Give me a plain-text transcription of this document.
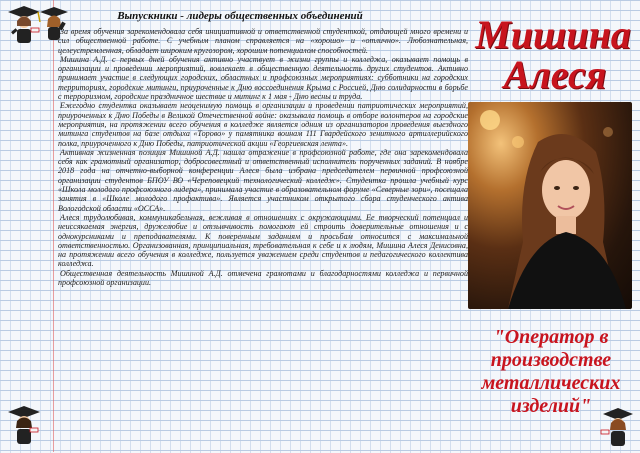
Выпускники - лидеры общественных объединений

За время обучения зарекомендовала себя инициативной и ответственной студенткой, отдающей много времени и сил общественной работе. С учебным планом справляется на «хорошо» и «отлично». Любознательная, целеустремленная, обладает широким кругозором, хорошим потенциалом способностей.

Мишина А.Д. с первых дней обучения активно участвует в жизни группы и колледжа, оказывает помощь в организации и проведении мероприятий, вовлекает в общественную деятельность других студентов. Активно принимает участие в следующих городских, областных и профсоюзных мероприятиях: субботники на городских территориях, городские митинги, приуроченные к Дню воссоединения Крыма с Россией, Дню солидарности в борьбе с терроризмом, городские праздничное шествие и митинг к 1 мая - Дню весны и труда.

Ежегодно студентка оказывает неоценимую помощь в организации и проведении патриотических мероприятий, приуроченных к Дню Победы в Великой Отечественной войне: оказывала помощь в отборе волонтеров на городские мероприятия, на протяжении всего обучения в колледже является одним из организаторов проведения выездного митинга студентов на базе отдыха «Торово» у памятника воинам 111 Гвардейского зенитного артиллерийского полка, приуроченного к Дню Победы, патриотической акции «Георгиевская лента».

Активная жизненная позиция Мишиной А.Д. нашла отражение в профсоюзной работе, где она зарекомендовала себя как грамотный организатор, добросовестный и ответственный исполнитель порученных заданий. В ноябре 2018 года на отчетно-выборной конференции Алеся была избрана председателем первичной профсоюзной организации студентов БПОУ ВО «Череповецкий технологический колледж». Студентка прошла учебный курс «Школа молодого профсоюзного лидера», принимала участие в образовательном форуме «Северные зори», посещала занятия в «Школе молодого профактива». Является участником открытого сбора студенческого актива Вологодской области «ОССА».

Алеся трудолюбивая, коммуникабельная, вежливая в отношениях с окружающими. Ее творческий потенциал и неиссякаемая энергия, дружелюбие и отзывчивость помогают ей строить доверительные отношения и с однокурсниками и преподавателями. К поверенным заданиям и просьбам относится с максимальной ответственностью. Организованная, принципиальная, требовательная к себе и к людям, Мишина Алеся Денисовна, на протяжении всего обучения в колледже, пользуется уважением среди студентов и педагогического коллектива колледжа.

Общественная деятельность Мишиной А.Д. отмечена грамотами и благодарностями колледжа и первичной профсоюзной организации.

Мишина
Алеся
"Оператор в производстве металлических изделий"
